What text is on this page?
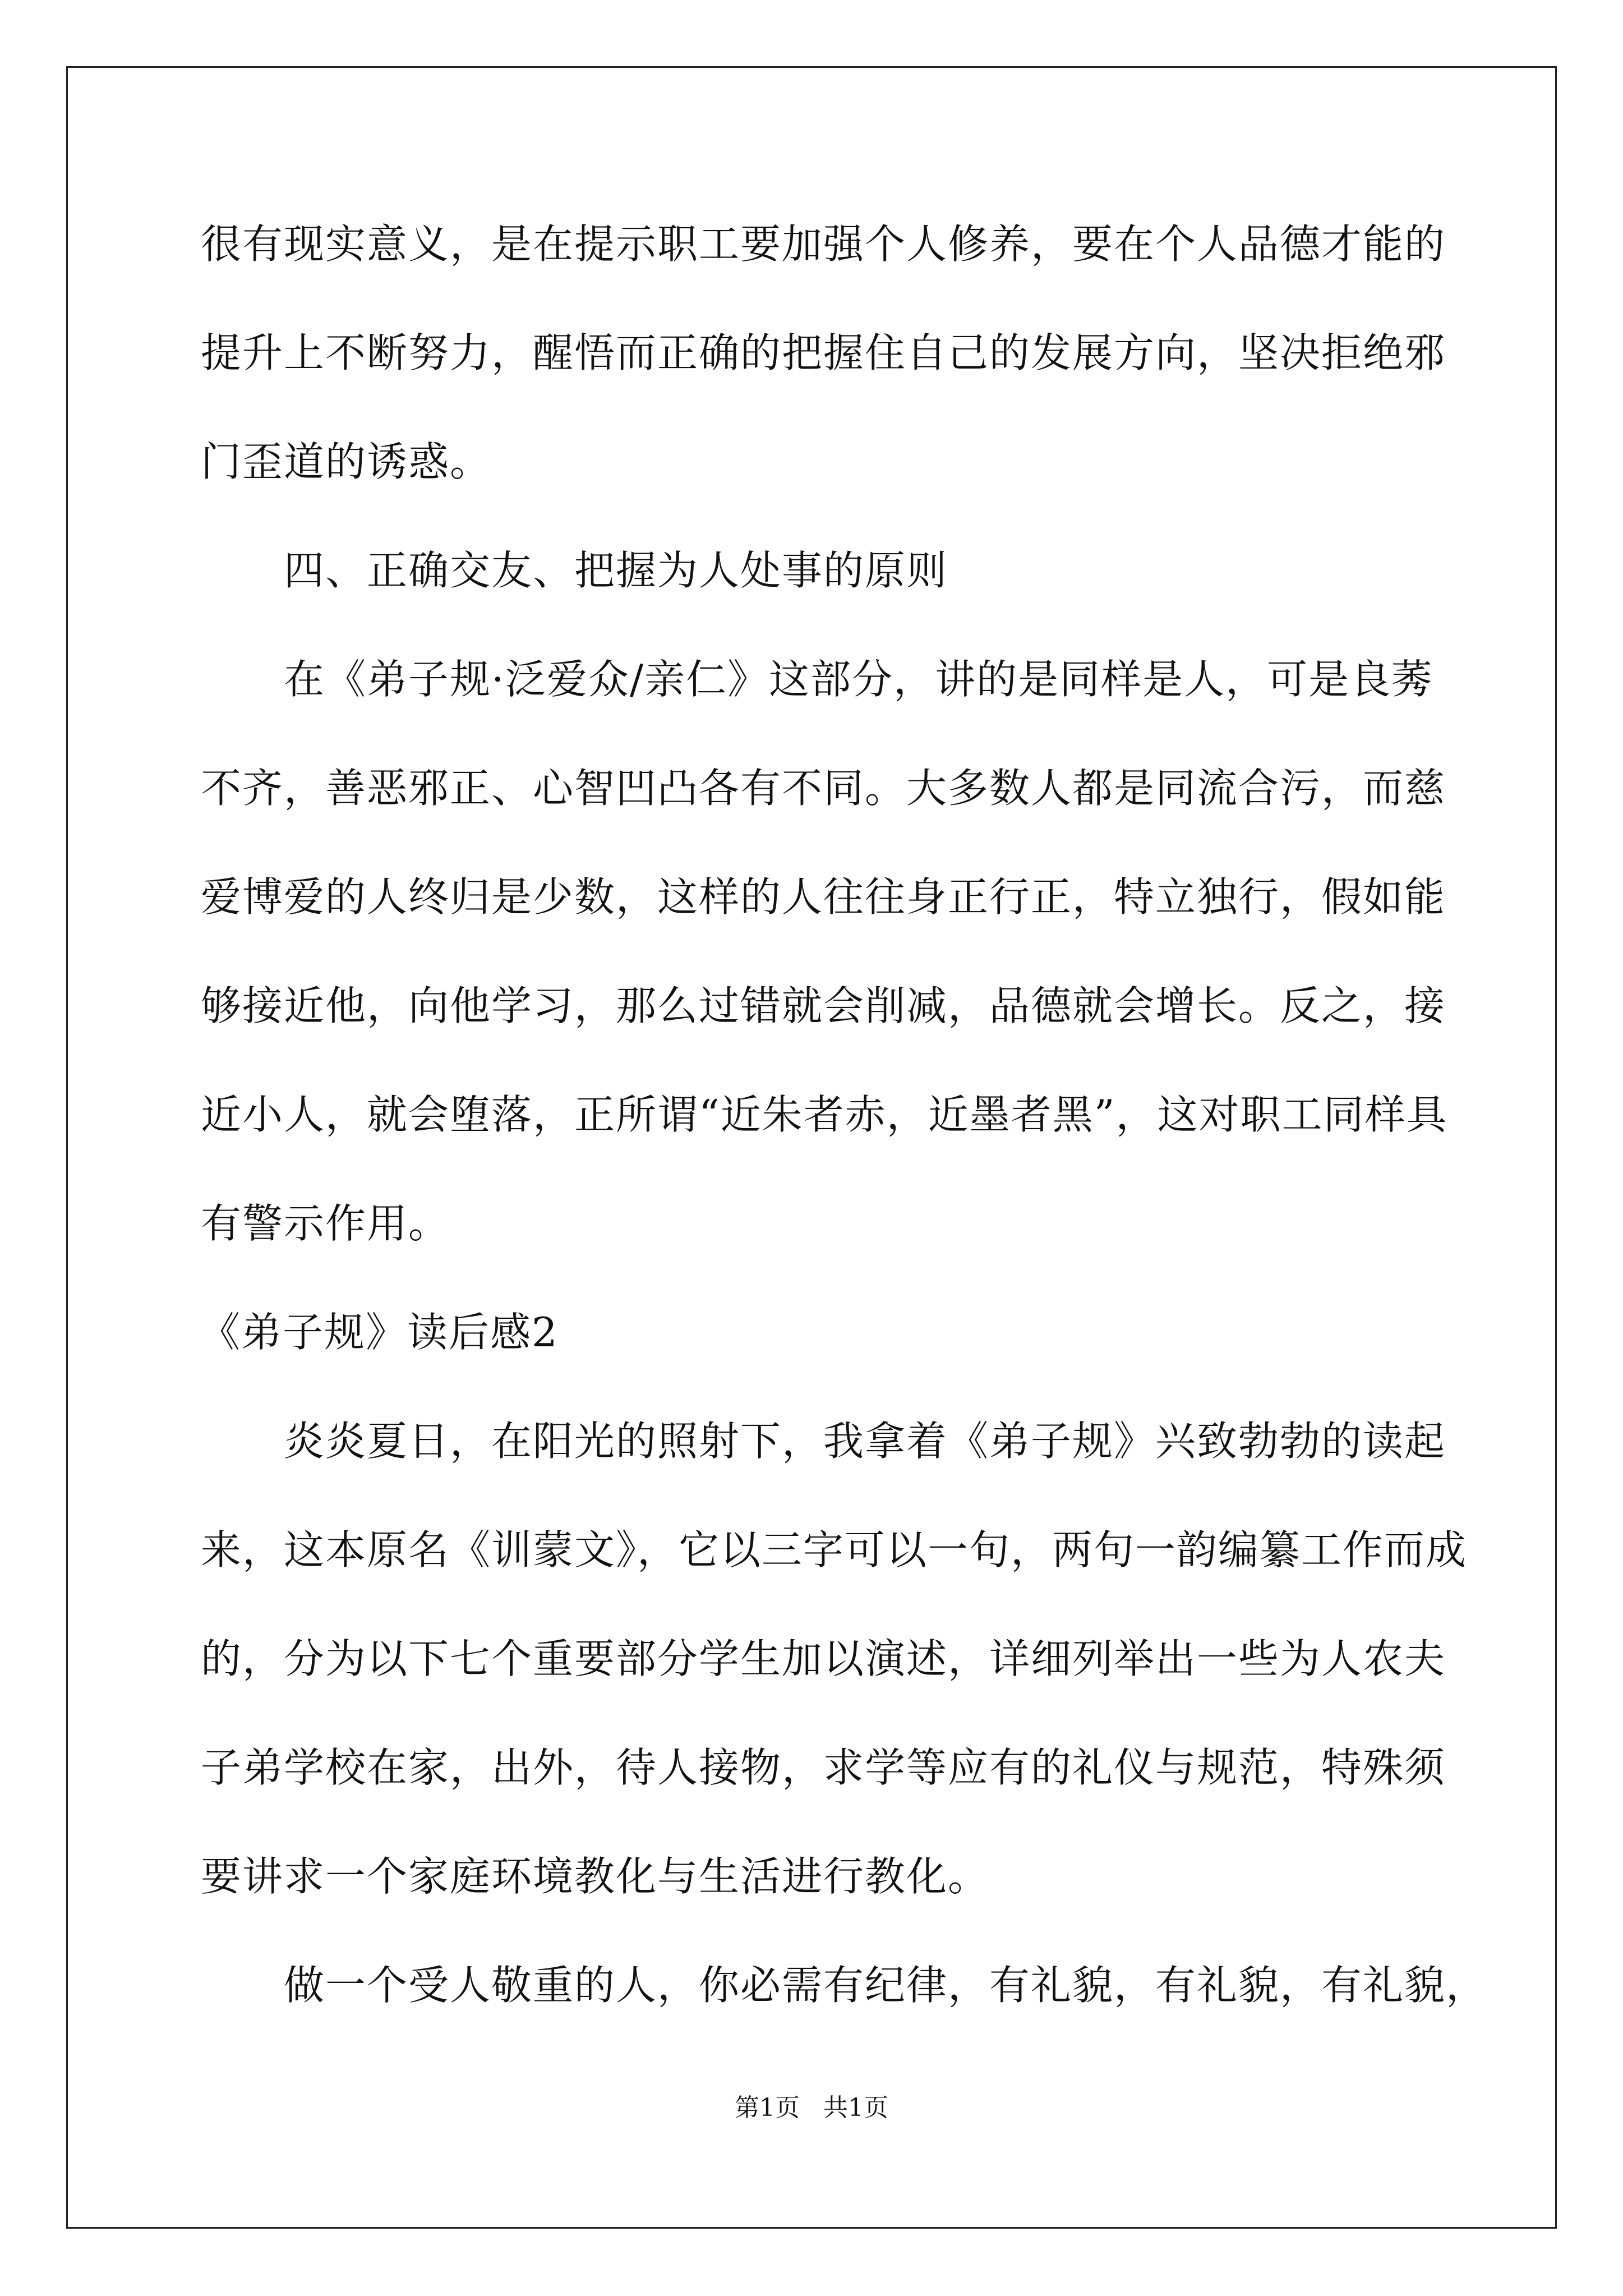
很有现实意义，是在提示职工要加强个人修养，要在个人品德才能的
提升上不断努力，醒悟而正确的把握住自己的发展方向，坚决拒绝邪
门歪道的诱惑。
四、正确交友、把握为人处事的原则
在《弟子规·泛爱众/亲仁》这部分，讲的是同样是人，可是良莠
不齐，善恶邪正、心智凹凸各有不同。大多数人都是同流合污，而慈
爱博爱的人终归是少数，这样的人往往身正行正，特立独行，假如能
够接近他，向他学习，那么过错就会削减，品德就会增长。反之，接
近小人，就会堕落，正所谓“近朱者赤，近墨者黑”，这对职工同样具
有警示作用。
《弟子规》读后感2
炎炎夏日，在阳光的照射下，我拿着《弟子规》兴致勃勃的读起
来，这本原名《训蒙文》，它以三字可以一句，两句一韵编纂工作而成
的，分为以下七个重要部分学生加以演述，详细列举出一些为人农夫
子弟学校在家，出外，待人接物，求学等应有的礼仪与规范，特殊须
要讲求一个家庭环境教化与生活进行教化。
做一个受人敬重的人，你必需有纪律，有礼貌，有礼貌，有礼貌，
第1页   共1页
